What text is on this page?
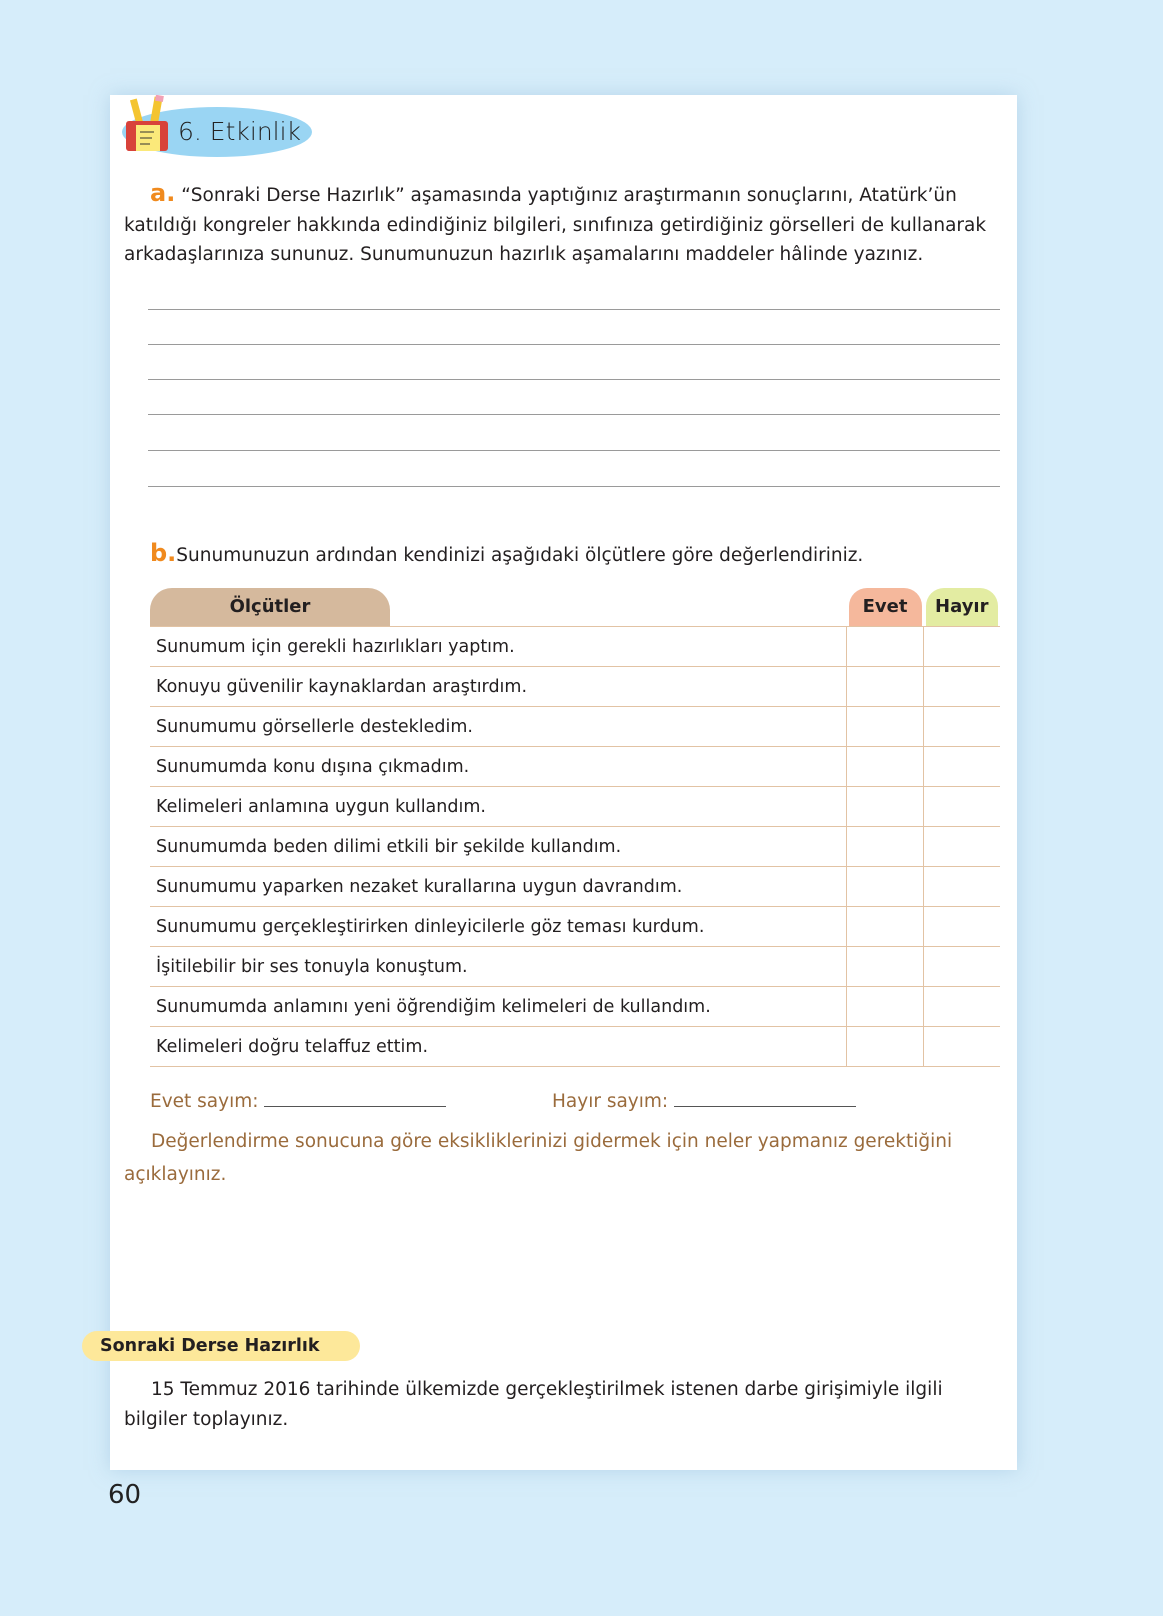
6. Etkinlik
a. “Sonraki Derse Hazırlık” aşamasında yaptığınız araştırmanın sonuçlarını, Atatürk’ün katıldığı kongreler hakkında edindiğiniz bilgileri, sınıfınıza getirdiğiniz görselleri de kullanarak arkadaşlarınıza sununuz. Sunumunuzun hazırlık aşamalarını maddeler hâlinde yazınız.
b.Sunumunuzun ardından kendinizi aşağıdaki ölçütlere göre değerlendiriniz.
Ölçütler	Evet	Hayır

Sunumum için gerekli hazırlıkları yaptım.		
Konuyu güvenilir kaynaklardan araştırdım.		
Sunumumu görsellerle destekledim.		
Sunumumda konu dışına çıkmadım.		
Kelimeleri anlamına uygun kullandım.		
Sunumumda beden dilimi etkili bir şekilde kullandım.		
Sunumumu yaparken nezaket kurallarına uygun davrandım.		
Sunumumu gerçekleştirirken dinleyicilerle göz teması kurdum.		
İşitilebilir bir ses tonuyla konuştum.		
Sunumumda anlamını yeni öğrendiğim kelimeleri de kullandım.		
Kelimeleri doğru telaffuz ettim.		
Evet sayım:	Hayır sayım:
Değerlendirme sonucuna göre eksikliklerinizi gidermek için neler yapmanız gerektiğini açıklayınız.
Sonraki Derse Hazırlık
15 Temmuz 2016 tarihinde ülkemizde gerçekleştirilmek istenen darbe girişimiyle ilgili bilgiler toplayınız.
60
